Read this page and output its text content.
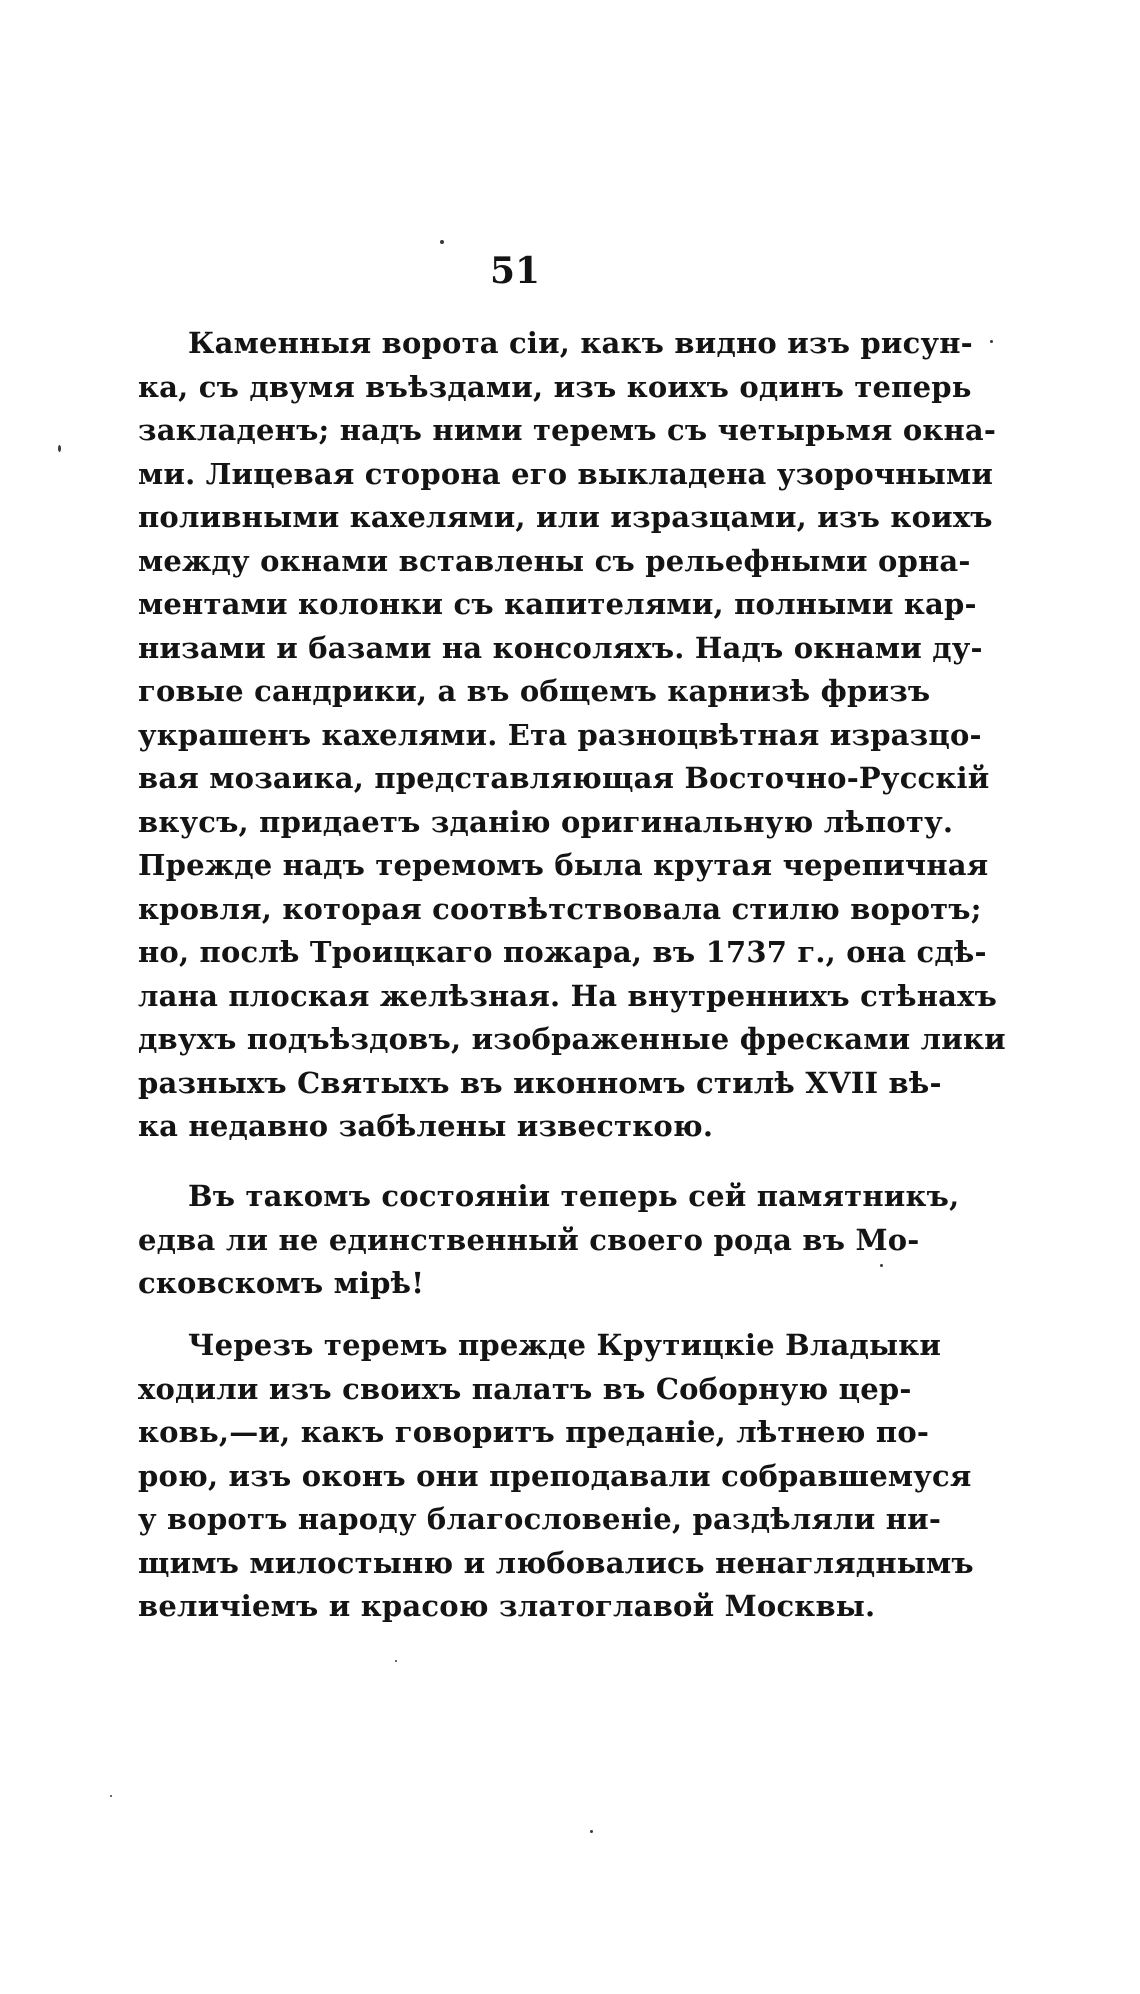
51
Каменныя ворота сіи, какъ видно изъ рисун-
ка, съ двумя въѣздами, изъ коихъ одинъ теперь
закладенъ; надъ ними теремъ съ четырьмя окна-
ми. Лицевая сторона его выкладена узорочными
поливными кахелями, или изразцами, изъ коихъ
между окнами вставлены съ рельефными орна-
ментами колонки съ капителями, полными кар-
низами и базами на консоляхъ. Надъ окнами ду-
говые сандрики, а въ общемъ карнизѣ фризъ
украшенъ кахелями. Ета разноцвѣтная изразцо-
вая мозаика, представляющая Восточно-Русскій
вкусъ, придаетъ зданію оригинальную лѣпоту.
Прежде надъ теремомъ была крутая черепичная
кровля, которая соотвѣтствовала стилю воротъ;
но, послѣ Троицкаго пожара, въ 1737 г., она сдѣ-
лана плоская желѣзная. На внутреннихъ стѣнахъ
двухъ подъѣздовъ, изображенные фресками лики
разныхъ Святыхъ въ иконномъ стилѣ XVII вѣ-
ка недавно забѣлены известкою.
Въ такомъ состояніи теперь сей памятникъ,
едва ли не единственный своего рода въ Мо-
сковскомъ мірѣ!
Черезъ теремъ прежде Крутицкіе Владыки
ходили изъ своихъ палатъ въ Соборную цер-
ковь,—и, какъ говоритъ преданіе, лѣтнею по-
рою, изъ оконъ они преподавали собравшемуся
у воротъ народу благословеніе, раздѣляли ни-
щимъ милостыню и любовались ненагляднымъ
величіемъ и красою златоглавой Москвы.
